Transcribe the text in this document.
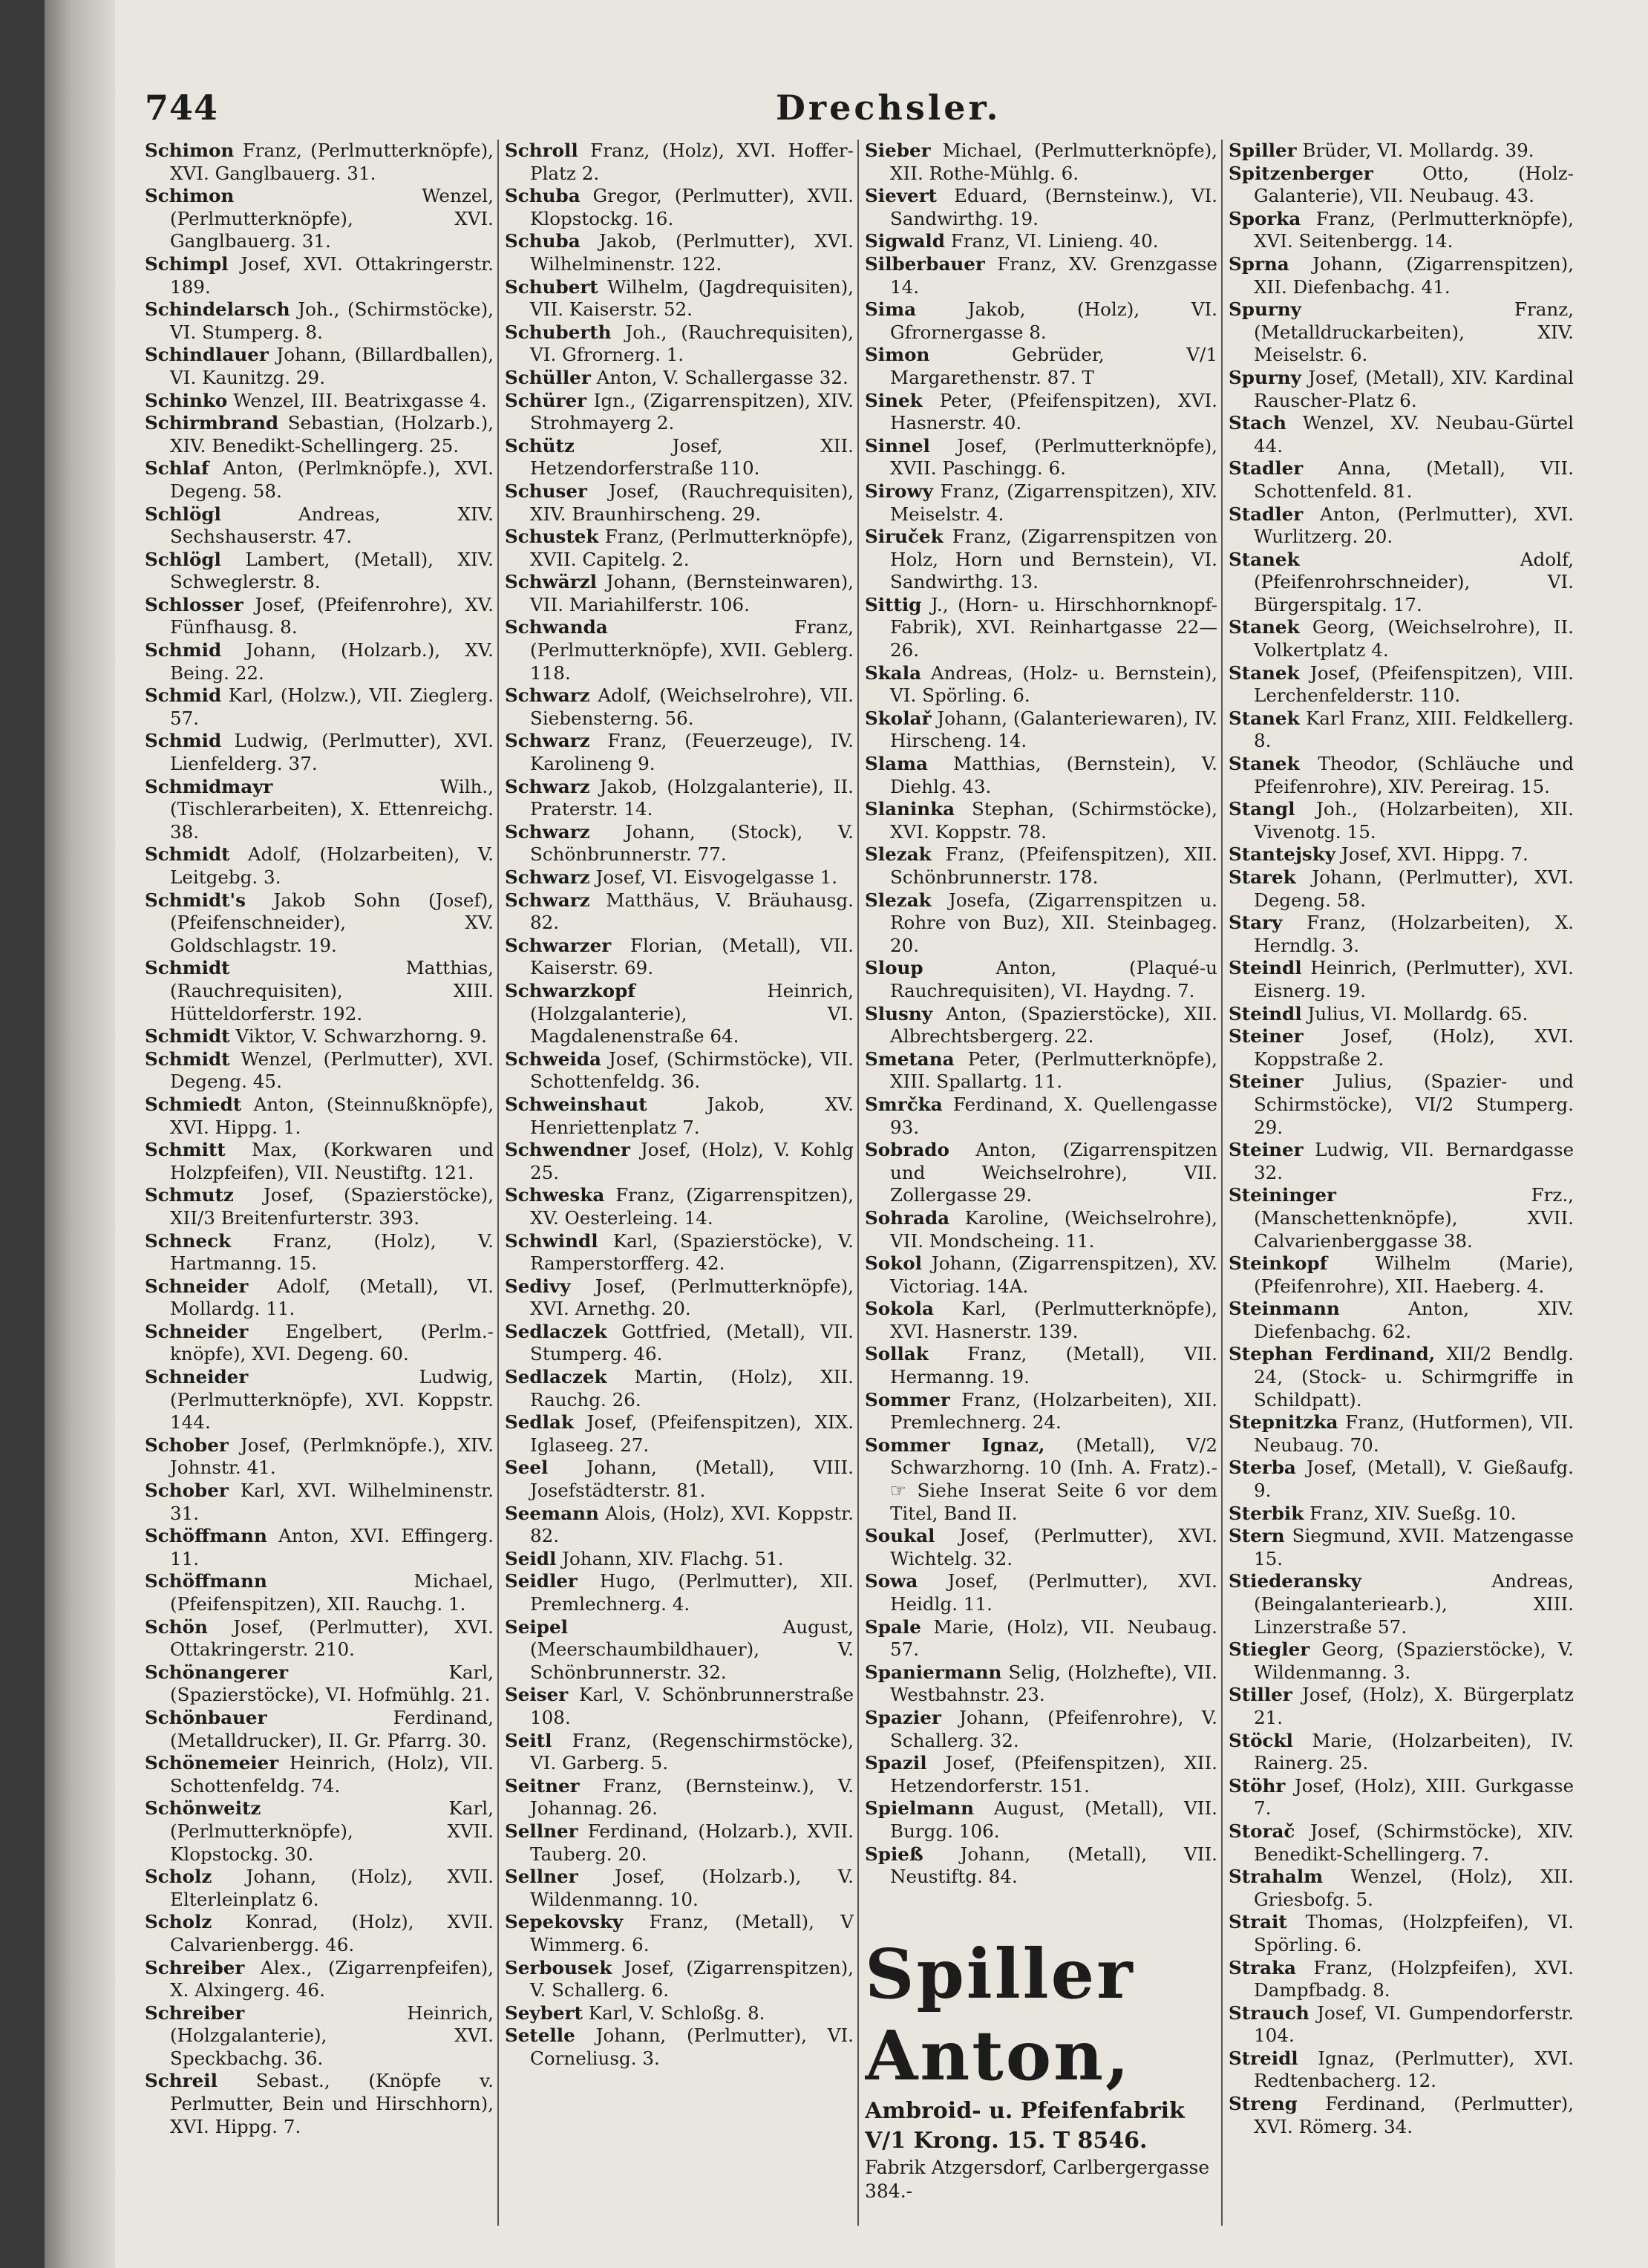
744	Drechsler.

Schimon Franz, (Perlmutterknöpfe), XVI. Ganglbauerg. 31.

Schimon	Wenzel, (Perlmutterknöpfe), XVI. Ganglbauerg. 31.

Schimpl Josef, XVI. Ottakringerstr. 189.

Schindelarsch Joh., (Schirmstöcke), VI. Stumperg. 8.

Schindlauer Johann, (Billardballen), VI. Kaunitzg. 29.

Schinko Wenzel, III. Beatrixgasse 4.

Schirmbrand Sebastian, (Holzarb.), XIV. Benedikt-Schellingerg. 25.

Schlaf Anton, (Perlmknöpfe.), XVI. Degeng. 58.

Schlögl	Andreas, XIV. Sechshauserstr. 47.

Schlögl Lambert, (Metall), XIV. Schweglerstr. 8.

Schlosser Josef, (Pfeifenrohre), XV. Fünfhausg. 8.

Schmid Johann, (Holzarb.), XV. Being. 22.

Schmid Karl, (Holzw.), VII. Zieglerg. 57.

Schmid Ludwig, (Perlmutter), XVI. Lienfelderg. 37.

Schmidmayr	Wilh., (Tischlerarbeiten), X. Ettenreichg. 38.

Schmidt Adolf, (Holzarbeiten), V. Leitgebg. 3.

Schmidt's Jakob Sohn (Josef), (Pfeifenschneider), XV. Goldschlagstr. 19.

Schmidt	Matthias, (Rauchrequisiten), XIII. Hütteldorferstr. 192.

Schmidt Viktor, V. Schwarzhorng. 9.

Schmidt Wenzel, (Perlmutter), XVI. Degeng. 45.

Schmiedt Anton, (Steinnußknöpfe), XVI. Hippg. 1.

Schmitt Max, (Korkwaren und Holzpfeifen), VII. Neustiftg. 121.

Schmutz Josef, (Spazierstöcke), XII/3 Breitenfurterstr. 393.

Schneck Franz, (Holz), V. Hartmanng. 15.

Schneider Adolf, (Metall), VI. Mollardg. 11.

Schneider Engelbert, (Perlm.-knöpfe), XVI. Degeng. 60.

Schneider	Ludwig, (Perlmutterknöpfe), XVI. Koppstr. 144.

Schober Josef, (Perlmknöpfe.), XIV. Johnstr. 41.

Schober Karl, XVI. Wilhelminenstr. 31.

Schöffmann Anton, XVI. Effingerg. 11.

Schöffmann	Michael, (Pfeifenspitzen), XII. Rauchg. 1.

Schön Josef, (Perlmutter), XVI. Ottakringerstr. 210.

Schönangerer	Karl, (Spazierstöcke), VI. Hofmühlg. 21.

Schönbauer	Ferdinand, (Metalldrucker), II. Gr. Pfarrg. 30.

Schönemeier Heinrich, (Holz), VII. Schottenfeldg. 74.

Schönweitz	Karl, (Perlmutterknöpfe), XVII. Klopstockg. 30.

Scholz Johann, (Holz), XVII. Elterleinplatz 6.

Scholz Konrad, (Holz), XVII. Calvarienbergg. 46.

Schreiber Alex., (Zigarrenpfeifen), X. Alxingerg. 46.

Schreiber	Heinrich, (Holzgalanterie), XVI. Speckbachg. 36.

Schreil Sebast., (Knöpfe v. Perlmutter, Bein und Hirschhorn), XVI. Hippg. 7.

Schroll Franz, (Holz), XVI. Hoffer-Platz 2.

Schuba Gregor, (Perlmutter), XVII. Klopstockg. 16.

Schuba Jakob, (Perlmutter), XVI. Wilhelminenstr. 122.

Schubert Wilhelm, (Jagdrequisiten), VII. Kaiserstr. 52.

Schuberth Joh., (Rauchrequisiten), VI. Gfrornerg. 1.

Schüller Anton, V. Schallergasse 32.

Schürer Ign., (Zigarrenspitzen), XIV. Strohmayerg 2.

Schütz	Josef, XII. Hetzendorferstraße 110.

Schuser Josef, (Rauchrequisiten), XIV. Braunhirscheng. 29.

Schustek Franz, (Perlmutterknöpfe), XVII. Capitelg. 2.

Schwärzl Johann, (Bernsteinwaren), VII. Mariahilferstr. 106.

Schwanda	Franz, (Perlmutterknöpfe), XVII. Geblerg. 118.

Schwarz Adolf, (Weichselrohre), VII. Siebensterng. 56.

Schwarz Franz, (Feuerzeuge), IV. Karolineng 9.

Schwarz Jakob, (Holzgalanterie), II. Praterstr. 14.

Schwarz Johann, (Stock), V. Schönbrunnerstr. 77.

Schwarz Josef, VI. Eisvogelgasse 1.

Schwarz Matthäus, V. Bräuhausg. 82.

Schwarzer Florian, (Metall), VII. Kaiserstr. 69.

Schwarzkopf	Heinrich, (Holzgalanterie), VI. Magdalenenstraße 64.

Schweida Josef, (Schirmstöcke), VII. Schottenfeldg. 36.

Schweinshaut	Jakob, XV. Henriettenplatz 7.

Schwendner Josef, (Holz), V. Kohlg 25.

Schweska Franz, (Zigarrenspitzen), XV. Oesterleing. 14.

Schwindl Karl, (Spazierstöcke), V. Ramperstorfferg. 42.

Sedivy Josef, (Perlmutterknöpfe), XVI. Arnethg. 20.

Sedlaczek Gottfried, (Metall), VII. Stumperg. 46.

Sedlaczek Martin, (Holz), XII. Rauchg. 26.

Sedlak Josef, (Pfeifenspitzen), XIX. Iglaseeg. 27.

Seel Johann, (Metall), VIII. Josefstädterstr. 81.

Seemann Alois, (Holz), XVI. Koppstr. 82.

Seidl Johann, XIV. Flachg. 51.

Seidler Hugo, (Perlmutter), XII. Premlechnerg. 4.

Seipel	August, (Meerschaumbildhauer), V. Schönbrunnerstr. 32.

Seiser Karl, V. Schönbrunnerstraße 108.

Seitl Franz, (Regenschirmstöcke), VI. Garberg. 5.

Seitner Franz, (Bernsteinw.), V. Johannag. 26.

Sellner Ferdinand, (Holzarb.), XVII. Tauberg. 20.

Sellner Josef, (Holzarb.), V. Wildenmanng. 10.

Sepekovsky Franz, (Metall), V Wimmerg. 6.

Serbousek Josef, (Zigarrenspitzen), V. Schallerg. 6.

Seybert Karl, V. Schloßg. 8.

Setelle Johann, (Perlmutter), VI. Corneliusg. 3.

Sieber Michael, (Perlmutterknöpfe), XII. Rothe-Mühlg. 6.

Sievert Eduard, (Bernsteinw.), VI. Sandwirthg. 19.

Sigwald Franz, VI. Linieng. 40.

Silberbauer Franz, XV. Grenzgasse 14.

Sima	Jakob, (Holz), VI. Gfrornergasse 8.

Simon	Gebrüder, V/1 Margarethenstr. 87. T

Sinek Peter, (Pfeifenspitzen), XVI. Hasnerstr. 40.

Sinnel Josef, (Perlmutterknöpfe), XVII. Paschingg. 6.

Sirowy Franz, (Zigarrenspitzen), XIV. Meiselstr. 4.

Siruček Franz, (Zigarrenspitzen von Holz, Horn und Bernstein), VI. Sandwirthg. 13.

Sittig J., (Horn- u. Hirschhornknopf-Fabrik), XVI. Reinhartgasse 22—26.

Skala Andreas, (Holz- u. Bernstein), VI. Spörling. 6.

Skolař Johann, (Galanteriewaren), IV. Hirscheng. 14.

Slama Matthias, (Bernstein), V. Diehlg. 43.

Slaninka Stephan, (Schirmstöcke), XVI. Koppstr. 78.

Slezak Franz, (Pfeifenspitzen), XII. Schönbrunnerstr. 178.

Slezak Josefa, (Zigarrenspitzen u. Rohre von Buz), XII. Steinbageg. 20.

Sloup	Anton, (Plaqué-u Rauchrequisiten), VI. Haydng. 7.

Slusny Anton, (Spazierstöcke), XII. Albrechtsbergerg. 22.

Smetana Peter, (Perlmutterknöpfe), XIII. Spallartg. 11.

Smrčka Ferdinand, X. Quellengasse 93.

Sobrado Anton, (Zigarrenspitzen und Weichselrohre), VII. Zollergasse 29.

Sohrada Karoline, (Weichselrohre), VII. Mondscheing. 11.

Sokol Johann, (Zigarrenspitzen), XV. Victoriag. 14A.

Sokola Karl, (Perlmutterknöpfe), XVI. Hasnerstr. 139.

Sollak Franz, (Metall), VII. Hermanng. 19.

Sommer Franz, (Holzarbeiten), XII. Premlechnerg. 24.

Sommer Ignaz, (Metall), V/2 Schwarzhorng. 10 (Inh. A. Fratz).- ☞ Siehe Inserat Seite 6 vor dem Titel, Band II.

Soukal Josef, (Perlmutter), XVI. Wichtelg. 32.

Sowa Josef, (Perlmutter), XVI. Heidlg. 11.

Spale Marie, (Holz), VII. Neubaug. 57.

Spaniermann Selig, (Holzhefte), VII. Westbahnstr. 23.

Spazier Johann, (Pfeifenrohre), V. Schallerg. 32.

Spazil Josef, (Pfeifenspitzen), XII. Hetzendorferstr. 151.

Spielmann August, (Metall), VII. Burgg. 106.

Spieß Johann, (Metall), VII. Neustiftg. 84.

Spiller Anton,
Ambroid- u. Pfeifenfabrik
V/1 Krong. 15. T 8546.
Fabrik Atzgersdorf, Carlbergergasse 384.-

Spiller Brüder, VI. Mollardg. 39.

Spitzenberger	Otto, (Holz-Galanterie), VII. Neubaug. 43.

Sporka Franz, (Perlmutterknöpfe), XVI. Seitenbergg. 14.

Sprna Johann, (Zigarrenspitzen), XII. Diefenbachg. 41.

Spurny	Franz, (Metalldruckarbeiten), XIV. Meiselstr. 6.

Spurny Josef, (Metall), XIV. Kardinal Rauscher-Platz 6.

Stach Wenzel, XV. Neubau-Gürtel 44.

Stadler Anna, (Metall), VII. Schottenfeld. 81.

Stadler Anton, (Perlmutter), XVI. Wurlitzerg. 20.

Stanek	Adolf, (Pfeifenrohrschneider), VI. Bürgerspitalg. 17.

Stanek Georg, (Weichselrohre), II. Volkertplatz 4.

Stanek Josef, (Pfeifenspitzen), VIII. Lerchenfelderstr. 110.

Stanek Karl Franz, XIII. Feldkellerg. 8.

Stanek Theodor, (Schläuche und Pfeifenrohre), XIV. Pereirag. 15.

Stangl Joh., (Holzarbeiten), XII. Vivenotg. 15.

Stantejsky Josef, XVI. Hippg. 7.

Starek Johann, (Perlmutter), XVI. Degeng. 58.

Stary Franz, (Holzarbeiten), X. Herndlg. 3.

Steindl Heinrich, (Perlmutter), XVI. Eisnerg. 19.

Steindl Julius, VI. Mollardg. 65.

Steiner Josef, (Holz), XVI. Koppstraße 2.

Steiner Julius, (Spazier- und Schirmstöcke), VI/2 Stumperg. 29.

Steiner Ludwig, VII. Bernardgasse 32.

Steininger	Frz., (Manschettenknöpfe), XVII. Calvarienberggasse 38.

Steinkopf	Wilhelm (Marie), (Pfeifenrohre), XII. Haeberg. 4.

Steinmann	Anton, XIV. Diefenbachg. 62.

Stephan Ferdinand, XII/2 Bendlg. 24, (Stock- u. Schirmgriffe in Schildpatt).

Stepnitzka Franz, (Hutformen), VII. Neubaug. 70.

Sterba Josef, (Metall), V. Gießaufg. 9.

Sterbik Franz, XIV. Sueßg. 10.

Stern Siegmund, XVII. Matzengasse 15.

Stiederansky	Andreas, (Beingalanteriearb.), XIII. Linzerstraße 57.

Stiegler Georg, (Spazierstöcke), V. Wildenmanng. 3.

Stiller Josef, (Holz), X. Bürgerplatz 21.

Stöckl Marie, (Holzarbeiten), IV. Rainerg. 25.

Stöhr Josef, (Holz), XIII. Gurkgasse 7.

Storač Josef, (Schirmstöcke), XIV. Benedikt-Schellingerg. 7.

Strahalm Wenzel, (Holz), XII. Griesbofg. 5.

Strait Thomas, (Holzpfeifen), VI. Spörling. 6.

Straka Franz, (Holzpfeifen), XVI. Dampfbadg. 8.

Strauch Josef, VI. Gumpendorferstr. 104.

Streidl Ignaz, (Perlmutter), XVI. Redtenbacherg. 12.

Streng Ferdinand, (Perlmutter), XVI. Römerg. 34.
